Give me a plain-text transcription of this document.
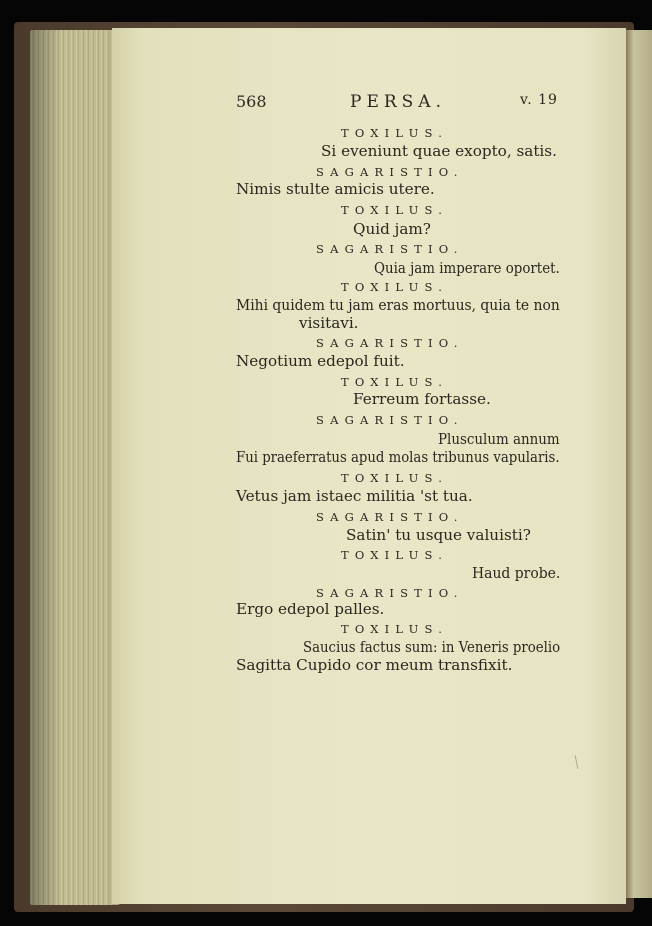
568	PERSA.	v. 19
TOXILUS.
Si eveniunt quae exopto, satis.
SAGARISTIO.
Nimis stulte amicis utere.
TOXILUS.
Quid jam?
SAGARISTIO.
Quia jam imperare oportet.
TOXILUS.
Mihi quidem tu jam eras mortuus, quia te non
visitavi.
SAGARISTIO.
Negotium edepol fuit.
TOXILUS.
Ferreum fortasse.
SAGARISTIO.
Plusculum annum
Fui praeferratus apud molas tribunus vapularis.
TOXILUS.
Vetus jam istaec militia 'st tua.
SAGARISTIO.
Satin' tu usque valuisti?
TOXILUS.
Haud probe.
SAGARISTIO.
Ergo edepol palles.
TOXILUS.
Saucius factus sum: in Veneris proelio
Sagitta Cupido cor meum transfixit.
